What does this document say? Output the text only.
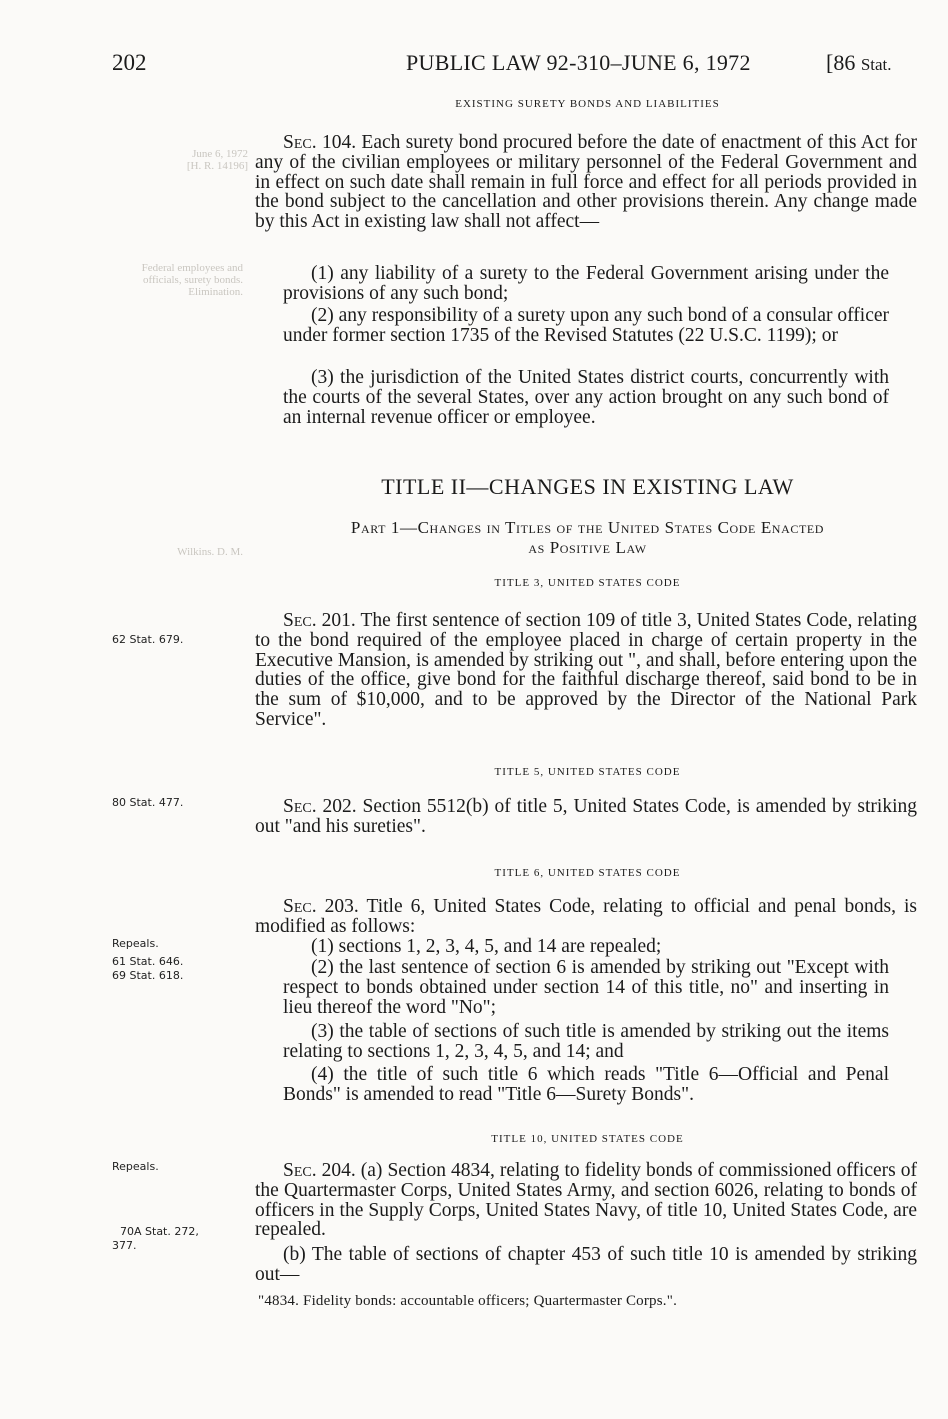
202	PUBLIC LAW 92-310–JUNE 6, 1972	[86 Stat.
June 6, 1972
[H. R. 14196]
Federal employees and officials, surety bonds. Elimination.
Wilkins. D. M.
EXISTING SURETY BONDS AND LIABILITIES

Sec. 104. Each surety bond procured before the date of enactment of this Act for any of the civilian employees or military personnel of the Federal Government and in effect on such date shall remain in full force and effect for all periods provided in the bond subject to the cancellation and other provisions therein. Any change made by this Act in existing law shall not affect—

(1) any liability of a surety to the Federal Government arising under the provisions of any such bond;

(2) any responsibility of a surety upon any such bond of a consular officer under former section 1735 of the Revised Statutes (22 U.S.C. 1199); or

(3) the jurisdiction of the United States district courts, concurrently with the courts of the several States, over any action brought on any such bond of an internal revenue officer or employee.

TITLE II—CHANGES IN EXISTING LAW
Part 1—Changes in Titles of the United States Code Enacted
as Positive Law
TITLE 3, UNITED STATES CODE

Sec. 201. The first sentence of section 109 of title 3, United States Code, relating to the bond required of the employee placed in charge of certain property in the Executive Mansion, is amended by striking out ", and shall, before entering upon the duties of the office, give bond for the faithful discharge thereof, said bond to be in the sum of $10,000, and to be approved by the Director of the National Park Service".

TITLE 5, UNITED STATES CODE

Sec. 202. Section 5512(b) of title 5, United States Code, is amended by striking out "and his sureties".

TITLE 6, UNITED STATES CODE

Sec. 203. Title 6, United States Code, relating to official and penal bonds, is modified as follows:

(1) sections 1, 2, 3, 4, 5, and 14 are repealed;

(2) the last sentence of section 6 is amended by striking out "Except with respect to bonds obtained under section 14 of this title, no" and inserting in lieu thereof the word "No";

(3) the table of sections of such title is amended by striking out the items relating to sections 1, 2, 3, 4, 5, and 14; and

(4) the title of such title 6 which reads "Title 6—Official and Penal Bonds" is amended to read "Title 6—Surety Bonds".

TITLE 10, UNITED STATES CODE

Sec. 204. (a) Section 4834, relating to fidelity bonds of commissioned officers of the Quartermaster Corps, United States Army, and section 6026, relating to bonds of officers in the Supply Corps, United States Navy, of title 10, United States Code, are repealed.

(b) The table of sections of chapter 453 of such title 10 is amended by striking out—

"4834. Fidelity bonds: accountable officers; Quartermaster Corps.".
62 Stat. 679.
80 Stat. 477.
Repeals.
61 Stat. 646.
69 Stat. 618.
Repeals.
70A Stat. 272,
377.
